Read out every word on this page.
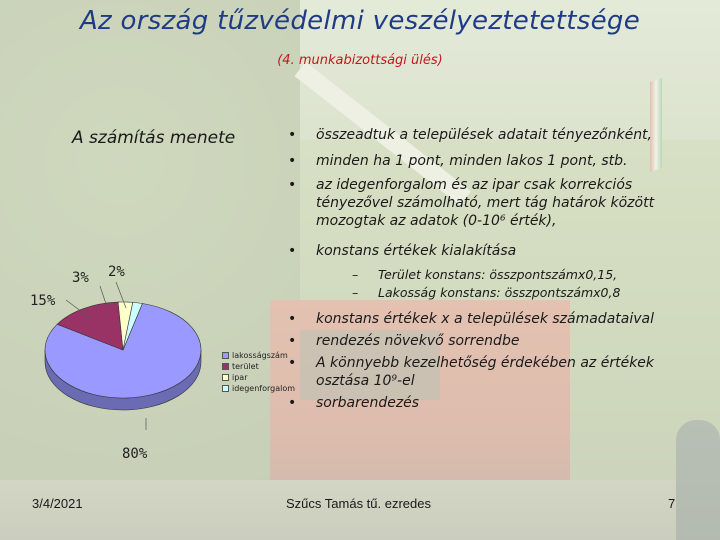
Az ország tűzvédelmi veszélyeztetettsége
(4. munkabizottsági ülés)
A számítás menete	• összeadtuk a települések adatait tényezőnként,
• minden ha 1 pont, minden lakos 1 pont, stb.
• az idegenforgalom és az ipar csak korrekciós tényezővel számolható, mert tág határok között mozogtak az adatok (0-10⁶ érték),
• konstans értékek kialakítása
– Terület konstans: összpontszámx0,15,
– Lakosság konstans: összpontszámx0,8
• konstans értékek x a települések számadataival
• rendezés növekvő sorrendbe
• A könnyebb kezelhetőség érdekében az értékek osztása 10⁹-el
• sorbarendezés
80%
15%
3% 2%
lakosságszám
terület
ipar
idegenforgalom
3/4/2021	Szűcs Tamás tű. ezredes	7
